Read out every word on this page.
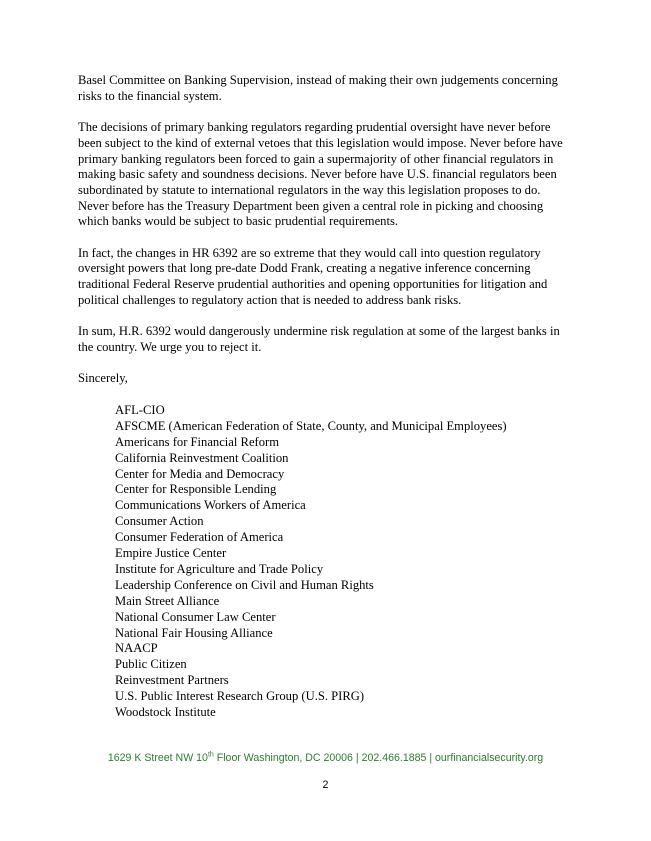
Basel Committee on Banking Supervision, instead of making their own judgements concerning
risks to the financial system.

The decisions of primary banking regulators regarding prudential oversight have never before
been subject to the kind of external vetoes that this legislation would impose. Never before have
primary banking regulators been forced to gain a supermajority of other financial regulators in
making basic safety and soundness decisions. Never before have U.S. financial regulators been
subordinated by statute to international regulators in the way this legislation proposes to do.
Never before has the Treasury Department been given a central role in picking and choosing
which banks would be subject to basic prudential requirements.

In fact, the changes in HR 6392 are so extreme that they would call into question regulatory
oversight powers that long pre-date Dodd Frank, creating a negative inference concerning
traditional Federal Reserve prudential authorities and opening opportunities for litigation and
political challenges to regulatory action that is needed to address bank risks.

In sum, H.R. 6392 would dangerously undermine risk regulation at some of the largest banks in
the country. We urge you to reject it.

Sincerely,

AFL-CIO
AFSCME (American Federation of State, County, and Municipal Employees)
Americans for Financial Reform
California Reinvestment Coalition
Center for Media and Democracy
Center for Responsible Lending
Communications Workers of America
Consumer Action
Consumer Federation of America
Empire Justice Center
Institute for Agriculture and Trade Policy
Leadership Conference on Civil and Human Rights
Main Street Alliance
National Consumer Law Center
National Fair Housing Alliance
NAACP
Public Citizen
Reinvestment Partners
U.S. Public Interest Research Group (U.S. PIRG)
Woodstock Institute
1629 K Street NW 10th Floor Washington, DC 20006 | 202.466.1885 | ourfinancialsecurity.org
2
